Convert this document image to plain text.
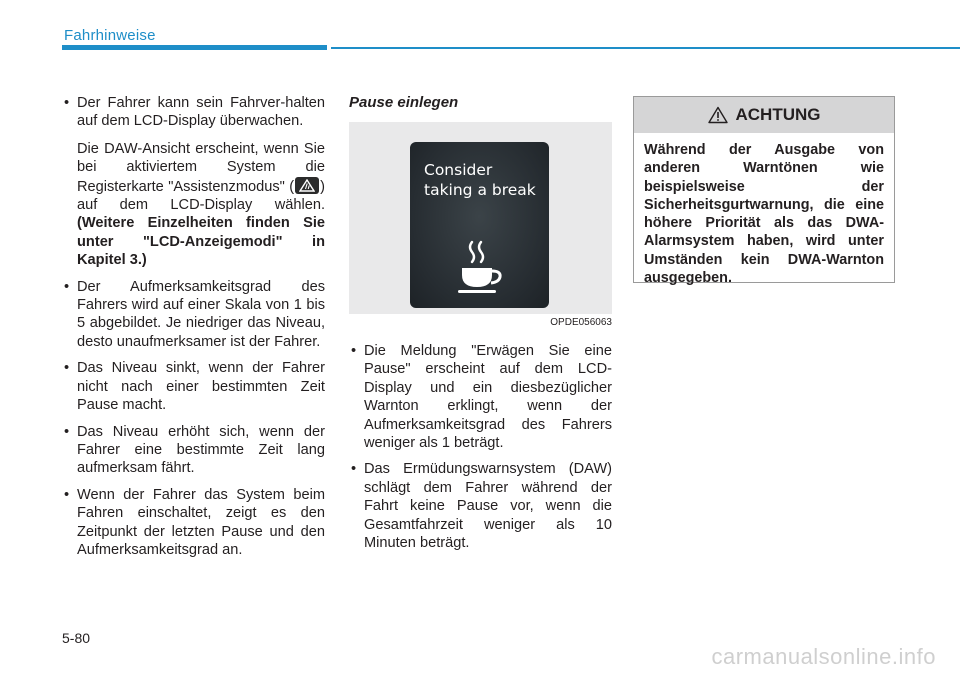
Fahrhinweise

• Der Fahrer kann sein Fahrver-halten auf dem LCD-Display überwachen.

Die DAW-Ansicht erscheint, wenn Sie bei aktiviertem System die Registerkarte "Assistenzmodus" ( ) auf dem LCD-Display wählen. (Weitere Einzelheiten finden Sie unter "LCD-Anzeigemodi" in Kapitel 3.)

• Der Aufmerksamkeitsgrad des Fahrers wird auf einer Skala von 1 bis 5 abgebildet. Je niedriger das Niveau, desto unaufmerksamer ist der Fahrer.
• Das Niveau sinkt, wenn der Fahrer nicht nach einer bestimmten Zeit Pause macht.
• Das Niveau erhöht sich, wenn der Fahrer eine bestimmte Zeit lang aufmerksam fährt.
• Wenn der Fahrer das System beim Fahren einschaltet, zeigt es den Zeitpunkt der letzten Pause und den Aufmerksamkeitsgrad an.

Pause einlegen

• Die Meldung "Erwägen Sie eine Pause" erscheint auf dem LCD-Display und ein diesbezüglicher Warnton erklingt, wenn der Aufmerksamkeitsgrad des Fahrers weniger als 1 beträgt.
• Das Ermüdungswarnsystem (DAW) schlägt dem Fahrer während der Fahrt keine Pause vor, wenn die Gesamtfahrzeit weniger als 10 Minuten beträgt.
Consider
taking a break
OPDE056063
ACHTUNG
Während der Ausgabe von anderen Warntönen wie beispielsweise der Sicherheitsgurtwarnung, die eine höhere Priorität als das DWA-Alarmsystem haben, wird unter Umständen kein DWA-Warnton ausgegeben.
5-80
carmanualsonline.info
